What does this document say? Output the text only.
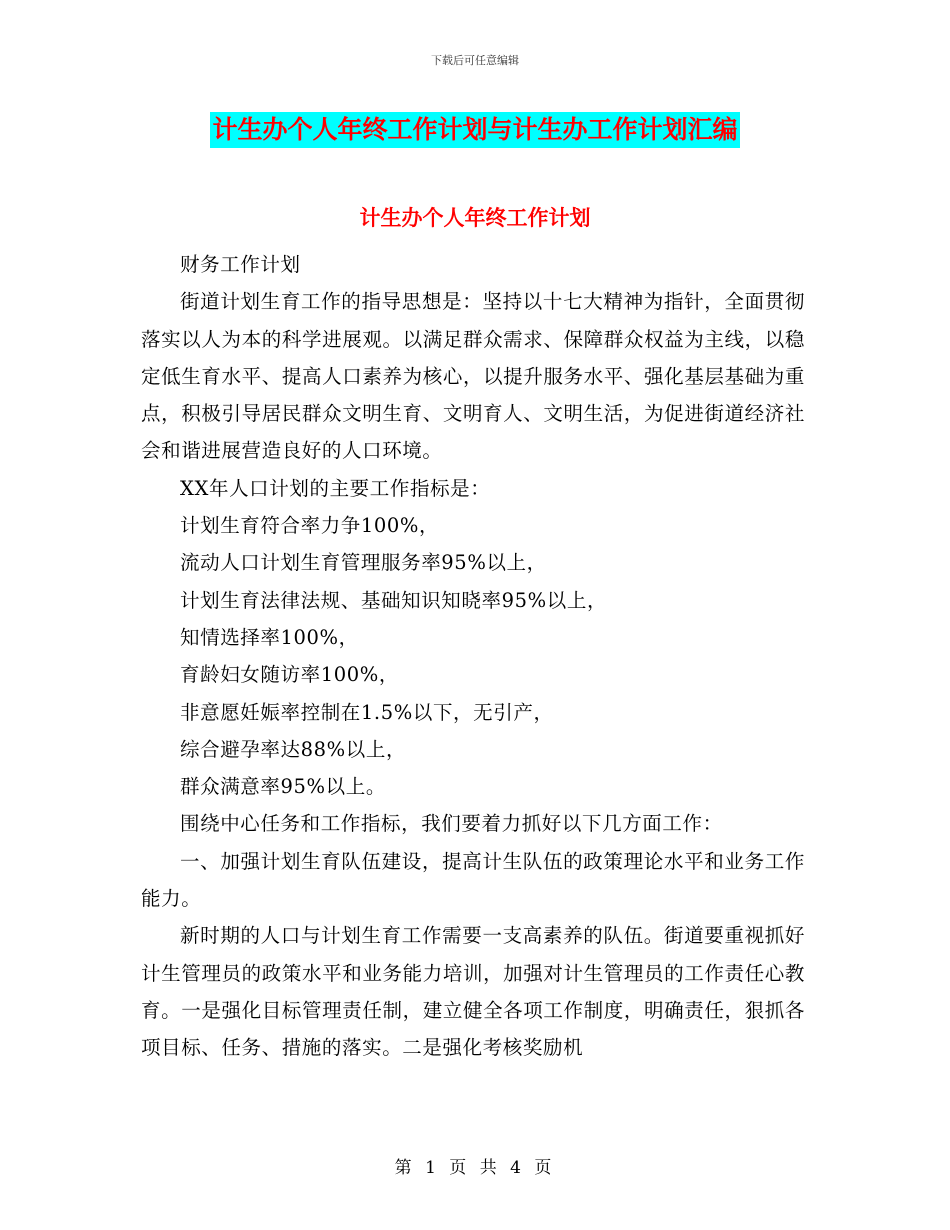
下载后可任意编辑
计生办个人年终工作计划与计生办工作计划汇编
计生办个人年终工作计划

财务工作计划

街道计划生育工作的指导思想是：坚持以十七大精神为指针，全面贯彻落实以人为本的科学进展观。以满足群众需求、保障群众权益为主线，以稳定低生育水平、提高人口素养为核心，以提升服务水平、强化基层基础为重点，积极引导居民群众文明生育、文明育人、文明生活，为促进街道经济社会和谐进展营造良好的人口环境。

XX年人口计划的主要工作指标是：

计划生育符合率力争100%，

流动人口计划生育管理服务率95%以上，

计划生育法律法规、基础知识知晓率95%以上，

知情选择率100%，

育龄妇女随访率100%，

非意愿妊娠率控制在1.5%以下，无引产，

综合避孕率达88%以上，

群众满意率95%以上。

围绕中心任务和工作指标，我们要着力抓好以下几方面工作：

一、加强计划生育队伍建设，提高计生队伍的政策理论水平和业务工作能力。

新时期的人口与计划生育工作需要一支高素养的队伍。街道要重视抓好计生管理员的政策水平和业务能力培训，加强对计生管理员的工作责任心教育。一是强化目标管理责任制，建立健全各项工作制度，明确责任，狠抓各项目标、任务、措施的落实。二是强化考核奖励机

第 1 页 共 4 页
